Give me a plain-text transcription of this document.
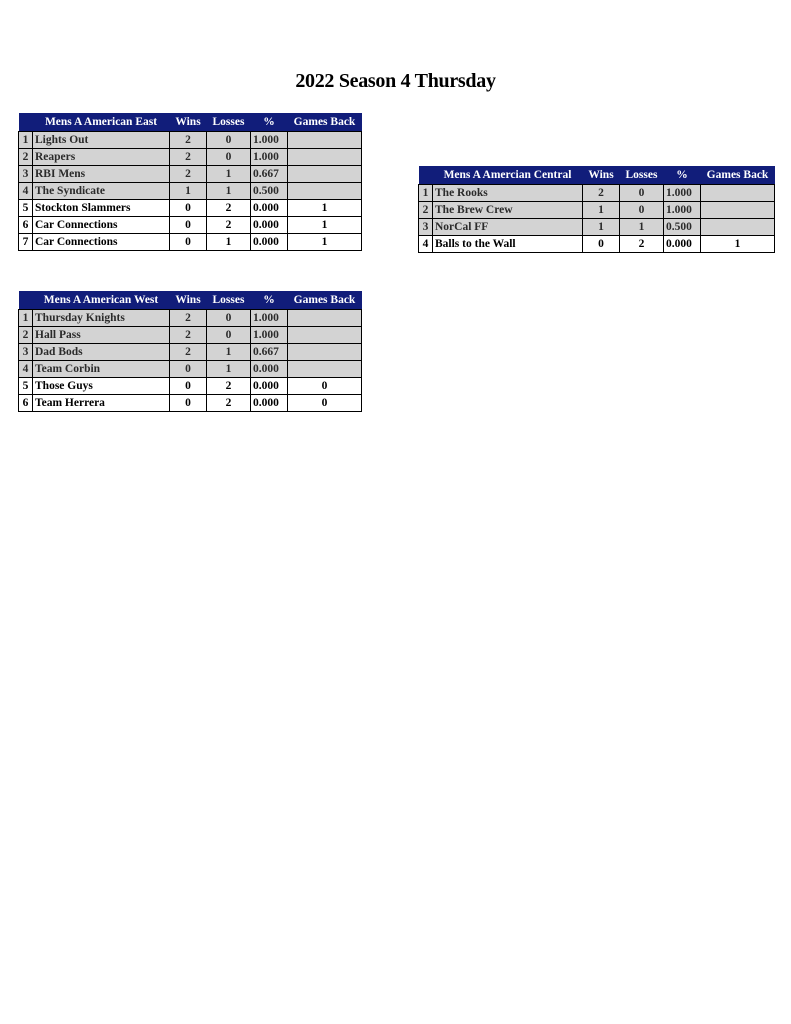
2022 Season 4 Thursday
	Mens A American East	Wins	Losses	%	Games Back
1	Lights Out	2	0	1.000	
2	Reapers	2	0	1.000	
3	RBI Mens	2	1	0.667	
4	The Syndicate	1	1	0.500	
5	Stockton Slammers	0	2	0.000	1
6	Car Connections	0	2	0.000	1
7	Car Connections	0	1	0.000	1
	Mens A Amercian Central	Wins	Losses	%	Games Back
1	The Rooks	2	0	1.000	
2	The Brew Crew	1	0	1.000	
3	NorCal FF	1	1	0.500	
4	Balls to the Wall	0	2	0.000	1
	Mens A American West	Wins	Losses	%	Games Back
1	Thursday Knights	2	0	1.000	
2	Hall Pass	2	0	1.000	
3	Dad Bods	2	1	0.667	
4	Team Corbin	0	1	0.000	
5	Those Guys	0	2	0.000	0
6	Team Herrera	0	2	0.000	0
